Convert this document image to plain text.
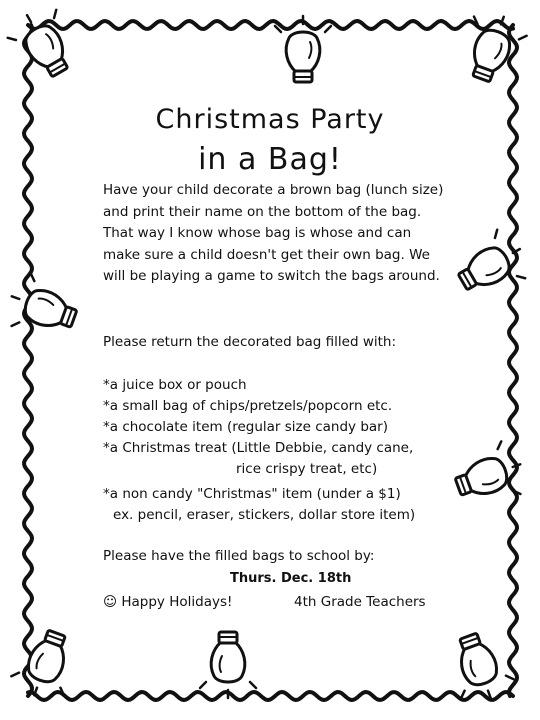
Christmas Party
in a Bag!

Have your child decorate a brown bag (lunch size) and print their name on the bottom of the bag. That way I know whose bag is whose and can make sure a child doesn't get their own bag. We will be playing a game to switch the bags around.

Please return the decorated bag filled with:
*a juice box or pouch
*a small bag of chips/pretzels/popcorn etc.
*a chocolate item (regular size candy bar)
*a Christmas treat (Little Debbie, candy cane,
rice crispy treat, etc)
*a non candy "Christmas" item (under a $1)
ex. pencil, eraser, stickers, dollar store item)
Please have the filled bags to school by:
Thurs. Dec. 18th
☺ Happy Holidays!	4th Grade Teachers
